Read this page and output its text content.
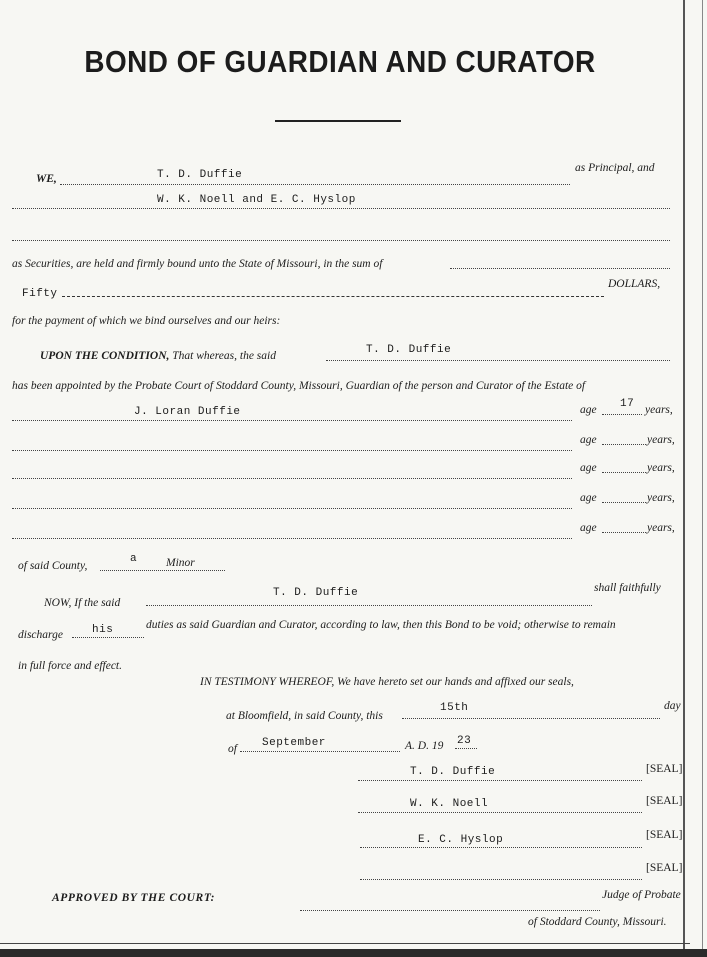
BOND OF GUARDIAN AND CURATOR
WE,	T. D. Duffie
as Principal, and
W. K. Noell and E. C. Hyslop
as Securities, are held and firmly bound unto the State of Missouri, in the sum of
Fifty
DOLLARS,
for the payment of which we bind ourselves and our heirs:
UPON THE CONDITION, That whereas, the said	T. D. Duffie
has been appointed by the Probate Court of Stoddard County, Missouri, Guardian of the person and Curator of the Estate of
J. Loran Duffie	age 17 years,
age	years,
age	years,
age	years,
age	years,
of said County,
a	Minor
NOW, If the said
T. D. Duffie	shall faithfully
discharge	his	duties as said Guardian and Curator, according to law, then this Bond to be void; otherwise to remain
in full force and effect.
IN TESTIMONY WHEREOF, We have hereto set our hands and affixed our seals,
at Bloomfield, in said County, this
15th	day
of September	A. D. 19 23
T. D. Duffie	[SEAL]
W. K. Noell	[SEAL]
E. C. Hyslop	[SEAL]
[SEAL]
APPROVED BY THE COURT:	Judge of Probate
of Stoddard County, Missouri.
